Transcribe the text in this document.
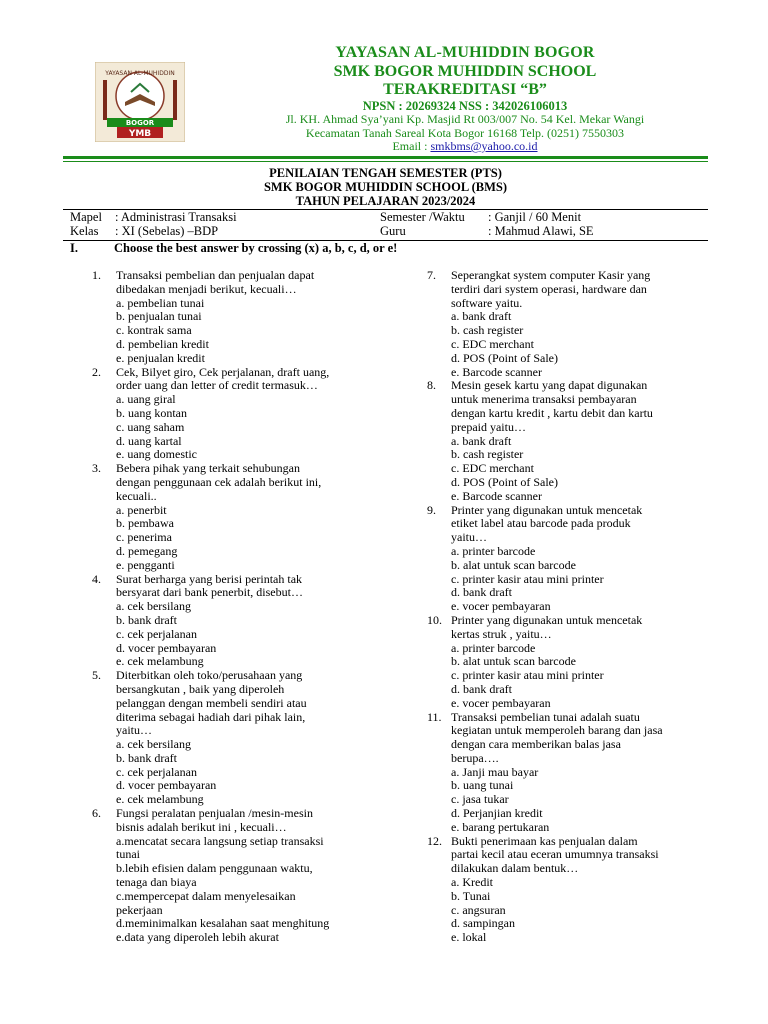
YAYASAN AL-MUHIDDIN
BOGOR
YMB
YAYASAN AL-MUHIDDIN BOGOR
SMK BOGOR MUHIDDIN SCHOOL
TERAKREDITASI “B”
NPSN : 20269324 NSS : 342026106013
Jl. KH. Ahmad Sya’yani Kp. Masjid Rt 003/007 No. 54 Kel. Mekar Wangi
Kecamatan Tanah Sareal Kota Bogor 16168 Telp. (0251) 7550303
Email : smkbms@yahoo.co.id
PENILAIAN TENGAH SEMESTER (PTS)
SMK BOGOR MUHIDDIN SCHOOL (BMS)
TAHUN PELAJARAN 2023/2024
Mapel	: Administrasi Transaksi	Semester /Waktu	: Ganjil / 60 Menit
Kelas	: XI (Sebelas) –BDP	Guru	: Mahmud Alawi, SE
I.	Choose the best answer by crossing (x) a, b, c, d, or e!
1.	Transaksi pembelian dan penjualan dapat
dibedakan menjadi berikut, kecuali…
a. pembelian tunai
b. penjualan tunai
c. kontrak sama
d. pembelian kredit
e. penjualan kredit
2.	Cek, Bilyet giro, Cek perjalanan, draft uang,
order uang dan letter of credit termasuk…
a. uang giral
b. uang kontan
c. uang saham
d. uang kartal
e. uang domestic
3.	Bebera pihak yang terkait sehubungan
dengan penggunaan cek adalah berikut ini,
kecuali..
a. penerbit
b. pembawa
c. penerima
d. pemegang
e. pengganti
4.	Surat berharga yang berisi perintah tak
bersyarat dari bank penerbit, disebut…
a. cek bersilang
b. bank draft
c. cek perjalanan
d. vocer pembayaran
e. cek melambung
5.	Diterbitkan oleh toko/perusahaan yang
bersangkutan , baik yang diperoleh
pelanggan dengan membeli sendiri atau
diterima sebagai hadiah dari pihak lain,
yaitu…
a. cek bersilang
b. bank draft
c. cek perjalanan
d. vocer pembayaran
e. cek melambung
6.	Fungsi peralatan penjualan /mesin-mesin
bisnis adalah berikut ini , kecuali…
a.mencatat secara langsung setiap transaksi
tunai
b.lebih efisien dalam penggunaan waktu,
tenaga dan biaya
c.mempercepat dalam menyelesaikan
pekerjaan
d.meminimalkan kesalahan saat menghitung
e.data yang diperoleh lebih akurat
7.	Seperangkat system computer Kasir yang
terdiri dari system operasi, hardware dan
software yaitu.
a. bank draft
b. cash register
c. EDC merchant
d. POS (Point of Sale)
e. Barcode scanner
8.	Mesin gesek kartu yang dapat digunakan
untuk menerima transaksi pembayaran
dengan kartu kredit , kartu debit dan kartu
prepaid yaitu…
a. bank draft
b. cash register
c. EDC merchant
d. POS (Point of Sale)
e. Barcode scanner
9.	Printer yang digunakan untuk mencetak
etiket label atau barcode pada produk
yaitu…
a. printer barcode
b. alat untuk scan barcode
c. printer kasir atau mini printer
d. bank draft
e. vocer pembayaran
10. Printer yang digunakan untuk mencetak
kertas struk , yaitu…
a. printer barcode
b. alat untuk scan barcode
c. printer kasir atau mini printer
d. bank draft
e. vocer pembayaran
11. Transaksi pembelian tunai adalah suatu
kegiatan untuk memperoleh barang dan jasa
dengan cara memberikan balas jasa
berupa….
a. Janji mau bayar
b. uang tunai
c. jasa tukar
d. Perjanjian kredit
e. barang pertukaran
12. Bukti penerimaan kas penjualan dalam
partai kecil atau eceran umumnya transaksi
dilakukan dalam bentuk…
a. Kredit
b. Tunai
c. angsuran
d. sampingan
e. lokal
